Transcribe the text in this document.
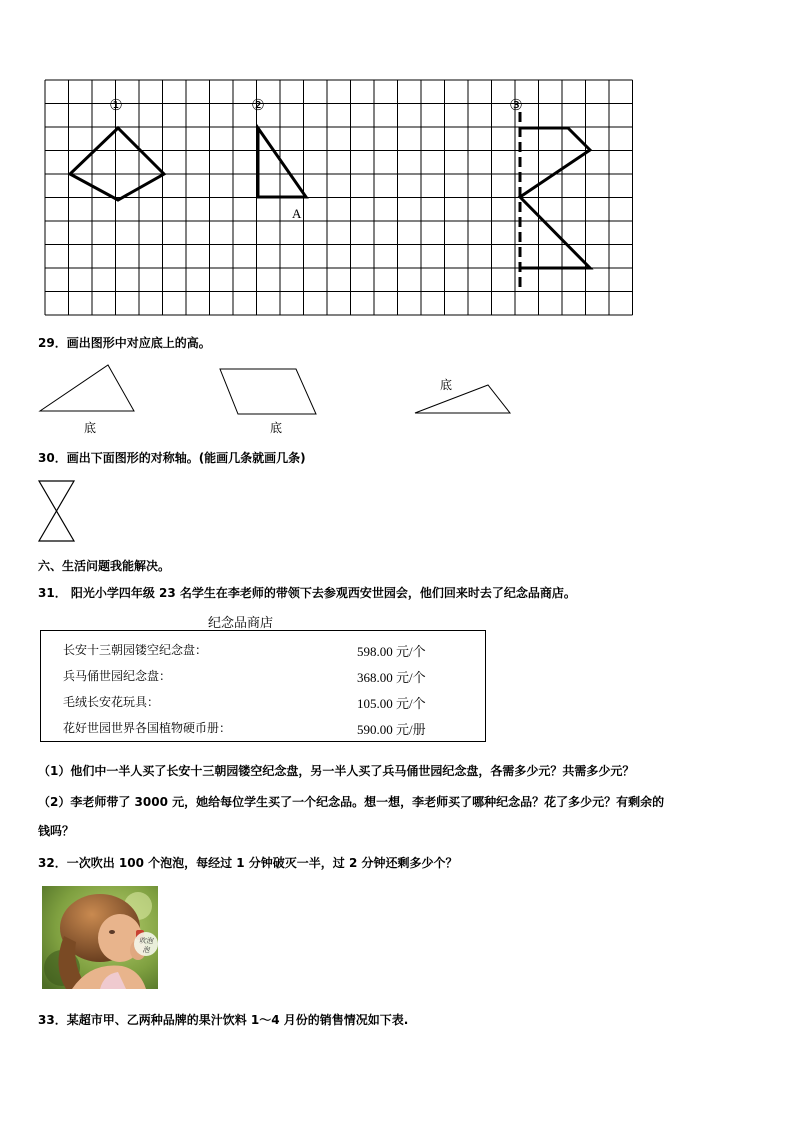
①	②	③
A
29．画出图形中对应底上的高。
底	底
底
30．画出下面图形的对称轴。(能画几条就画几条)
六、生活问题我能解决。
31． 阳光小学四年级 23 名学生在李老师的带领下去参观西安世园会，他们回来时去了纪念品商店。
纪念品商店
长安十三朝园镂空纪念盘：	598.00 元/个
兵马俑世园纪念盘：	368.00 元/个
毛绒长安花玩具：	105.00 元/个
花好世园世界各国植物硬币册：	590.00 元/册
（1）他们中一半人买了长安十三朝园镂空纪念盘，另一半人买了兵马俑世园纪念盘，各需多少元？共需多少元？
（2）李老师带了 3000 元，她给每位学生买了一个纪念品。想一想，李老师买了哪种纪念品？花了多少元？有剩余的
钱吗？
32．一次吹出 100 个泡泡，每经过 1 分钟破灭一半，过 2 分钟还剩多少个？
吹泡
泡
33．某超市甲、乙两种品牌的果汁饮料 1～4 月份的销售情况如下表.
